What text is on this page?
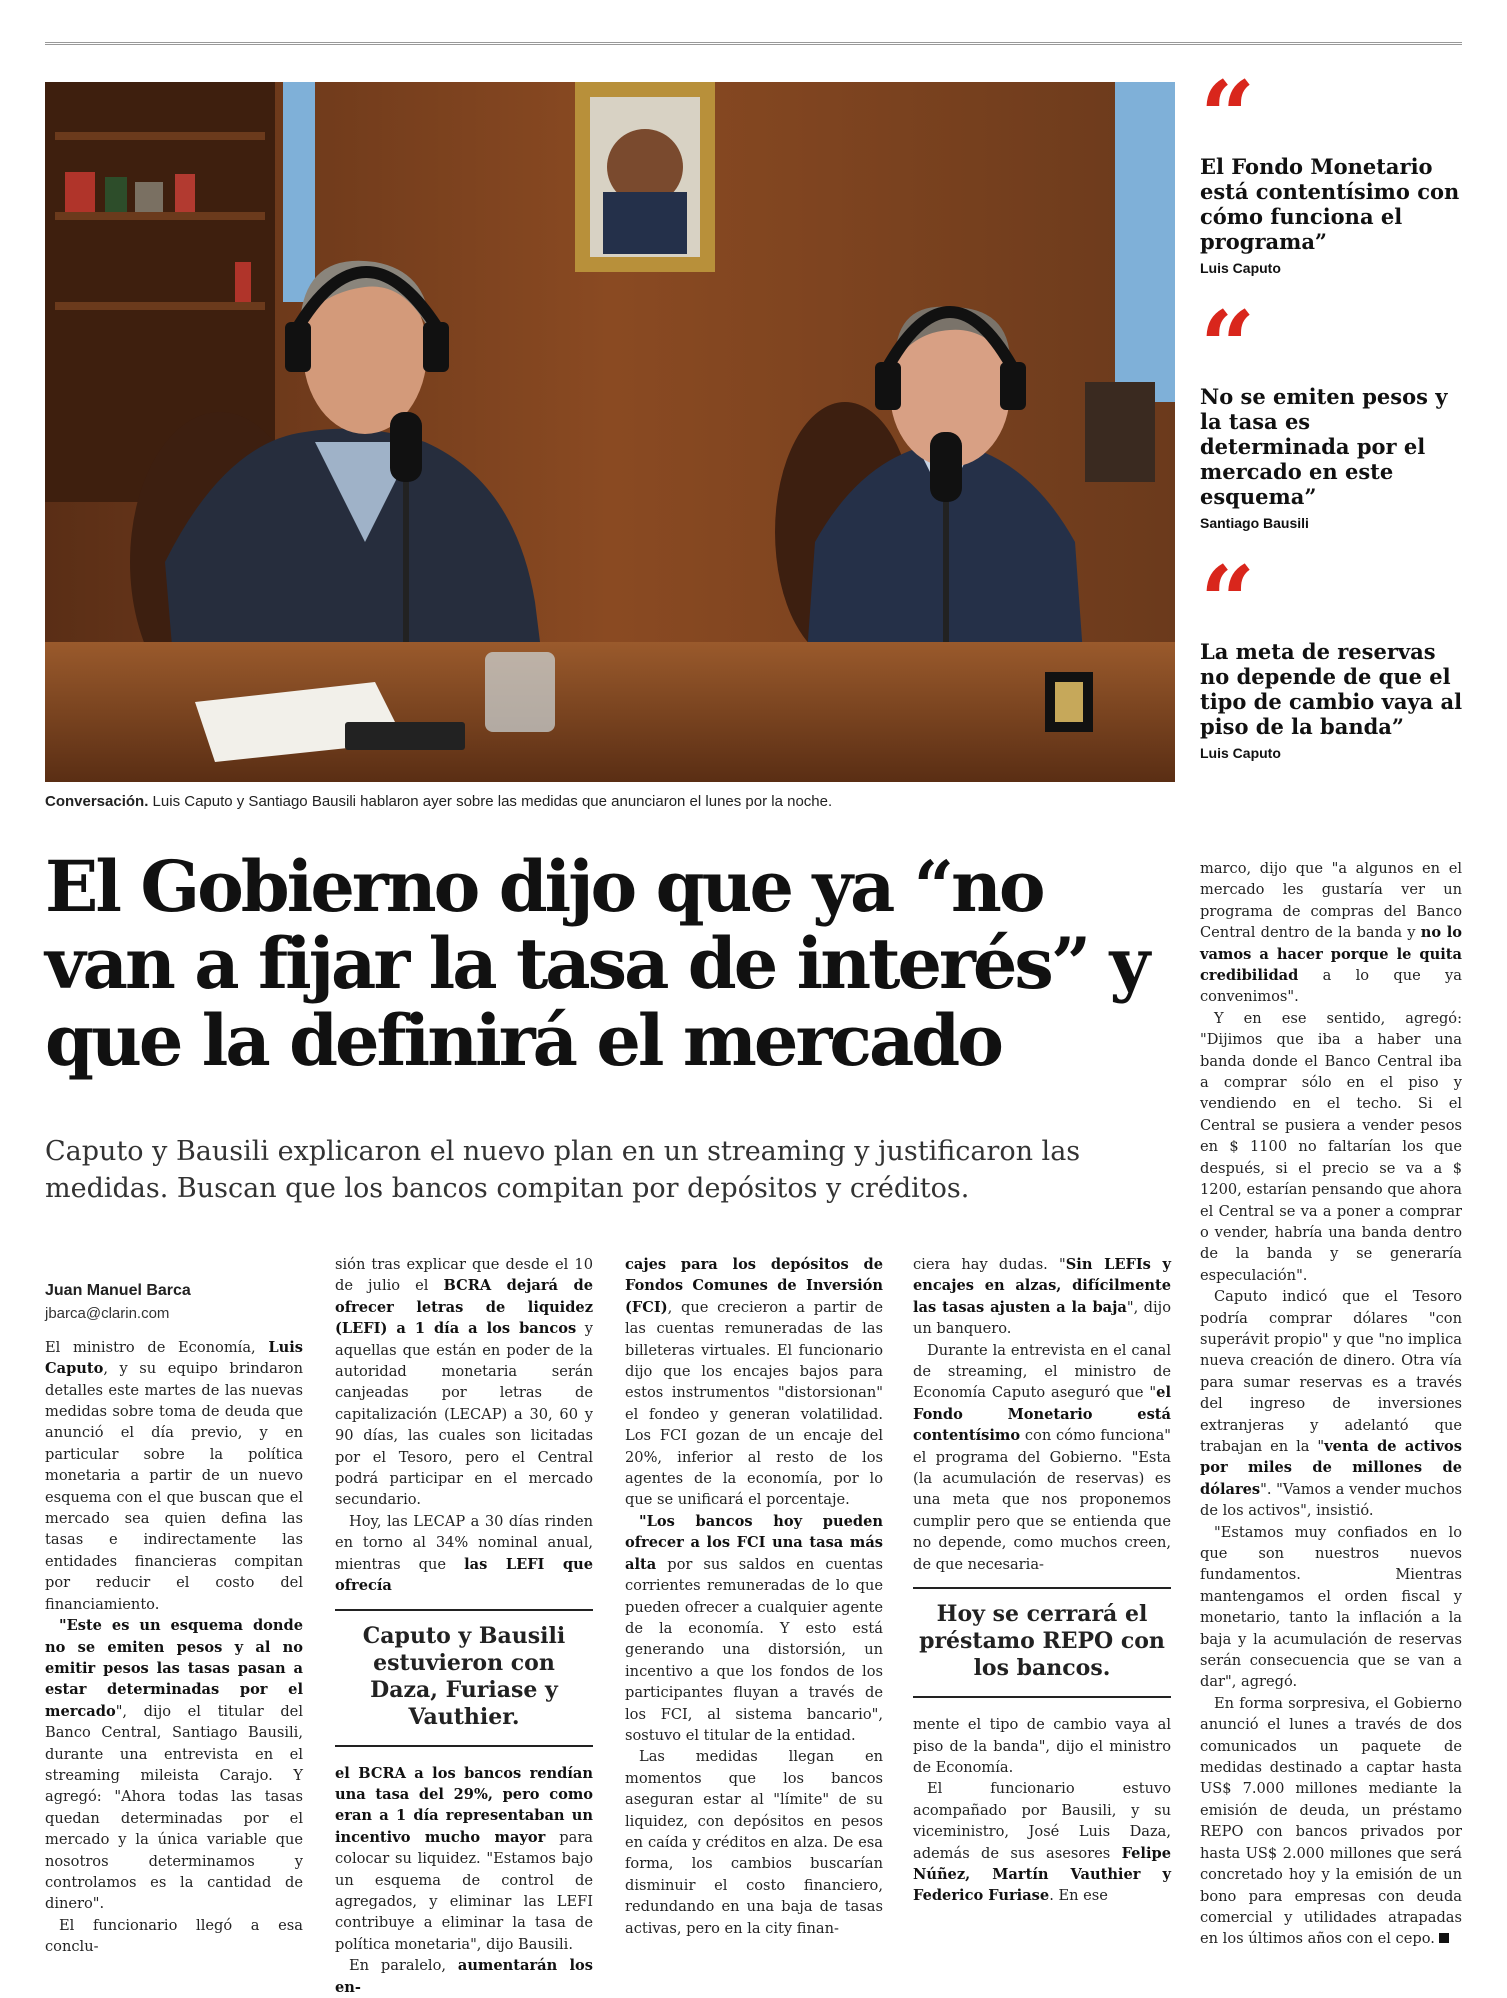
Conversación. Luis Caputo y Santiago Bausili hablaron ayer sobre las medidas que anunciaron el lunes por la noche.
“
El Fondo Monetario está contentísimo con cómo funciona el programa”
Luis Caputo
“
No se emiten pesos y la tasa es determinada por el mercado en este esquema”
Santiago Bausili
“
La meta de reservas no depende de que el tipo de cambio vaya al piso de la banda”
Luis Caputo
El Gobierno dijo que ya “no van a fijar la tasa de interés” y que la definirá el mercado
Caputo y Bausili explicaron el nuevo plan en un streaming y justificaron las medidas. Buscan que los bancos compitan por depósitos y créditos.
Juan Manuel Barca
jbarca@clarin.com

El ministro de Economía, Luis Caputo, y su equipo brindaron detalles este martes de las nuevas medidas sobre toma de deuda que anunció el día previo, y en particular sobre la política monetaria a partir de un nuevo esquema con el que buscan que el mercado sea quien defina las tasas e indirectamente las entidades financieras compitan por reducir el costo del financiamiento.

"Este es un esquema donde no se emiten pesos y al no emitir pesos las tasas pasan a estar determinadas por el mercado", dijo el titular del Banco Central, Santiago Bausili, durante una entrevista en el streaming mileista Carajo. Y agregó: "Ahora todas las tasas quedan determinadas por el mercado y la única variable que nosotros determinamos y controlamos es la cantidad de dinero".

El funcionario llegó a esa conclu-

sión tras explicar que desde el 10 de julio el BCRA dejará de ofrecer letras de liquidez (LEFI) a 1 día a los bancos y aquellas que están en poder de la autoridad monetaria serán canjeadas por letras de capitalización (LECAP) a 30, 60 y 90 días, las cuales son licitadas por el Tesoro, pero el Central podrá participar en el mercado secundario.

Hoy, las LECAP a 30 días rinden en torno al 34% nominal anual, mientras que las LEFI que ofrecía

Caputo y Bausili estuvieron con Daza, Furiase y Vauthier.

el BCRA a los bancos rendían una tasa del 29%, pero como eran a 1 día representaban un incentivo mucho mayor para colocar su liquidez. "Estamos bajo un esquema de control de agregados, y eliminar las LEFI contribuye a eliminar la tasa de política monetaria", dijo Bausili.

En paralelo, aumentarán los en-

cajes para los depósitos de Fondos Comunes de Inversión (FCI), que crecieron a partir de las cuentas remuneradas de las billeteras virtuales. El funcionario dijo que los encajes bajos para estos instrumentos "distorsionan" el fondeo y generan volatilidad. Los FCI gozan de un encaje del 20%, inferior al resto de los agentes de la economía, por lo que se unificará el porcentaje.

"Los bancos hoy pueden ofrecer a los FCI una tasa más alta por sus saldos en cuentas corrientes remuneradas de lo que pueden ofrecer a cualquier agente de la economía. Y esto está generando una distorsión, un incentivo a que los fondos de los participantes fluyan a través de los FCI, al sistema bancario", sostuvo el titular de la entidad.

Las medidas llegan en momentos que los bancos aseguran estar al "límite" de su liquidez, con depósitos en pesos en caída y créditos en alza. De esa forma, los cambios buscarían disminuir el costo financiero, redundando en una baja de tasas activas, pero en la city finan-

ciera hay dudas. "Sin LEFIs y encajes en alzas, difícilmente las tasas ajusten a la baja", dijo un banquero.

Durante la entrevista en el canal de streaming, el ministro de Economía Caputo aseguró que "el Fondo Monetario está contentísimo con cómo funciona" el programa del Gobierno. "Esta (la acumulación de reservas) es una meta que nos proponemos cumplir pero que se entienda que no depende, como muchos creen, de que necesaria-

Hoy se cerrará el préstamo REPO con los bancos.

mente el tipo de cambio vaya al piso de la banda", dijo el ministro de Economía.

El funcionario estuvo acompañado por Bausili, y su viceministro, José Luis Daza, además de sus asesores Felipe Núñez, Martín Vauthier y Federico Furiase. En ese

marco, dijo que "a algunos en el mercado les gustaría ver un programa de compras del Banco Central dentro de la banda y no lo vamos a hacer porque le quita credibilidad a lo que ya convenimos".

Y en ese sentido, agregó: "Dijimos que iba a haber una banda donde el Banco Central iba a comprar sólo en el piso y vendiendo en el techo. Si el Central se pusiera a vender pesos en $ 1100 no faltarían los que después, si el precio se va a $ 1200, estarían pensando que ahora el Central se va a poner a comprar o vender, habría una banda dentro de la banda y se generaría especulación".

Caputo indicó que el Tesoro podría comprar dólares "con superávit propio" y que "no implica nueva creación de dinero. Otra vía para sumar reservas es a través del ingreso de inversiones extranjeras y adelantó que trabajan en la "venta de activos por miles de millones de dólares". "Vamos a vender muchos de los activos", insistió.

"Estamos muy confiados en lo que son nuestros nuevos fundamentos. Mientras mantengamos el orden fiscal y monetario, tanto la inflación a la baja y la acumulación de reservas serán consecuencia que se van a dar", agregó.

En forma sorpresiva, el Gobierno anunció el lunes a través de dos comunicados un paquete de medidas destinado a captar hasta US$ 7.000 millones mediante la emisión de deuda, un préstamo REPO con bancos privados por hasta US$ 2.000 millones que será concretado hoy y la emisión de un bono para empresas con deuda comercial y utilidades atrapadas en los últimos años con el cepo.
